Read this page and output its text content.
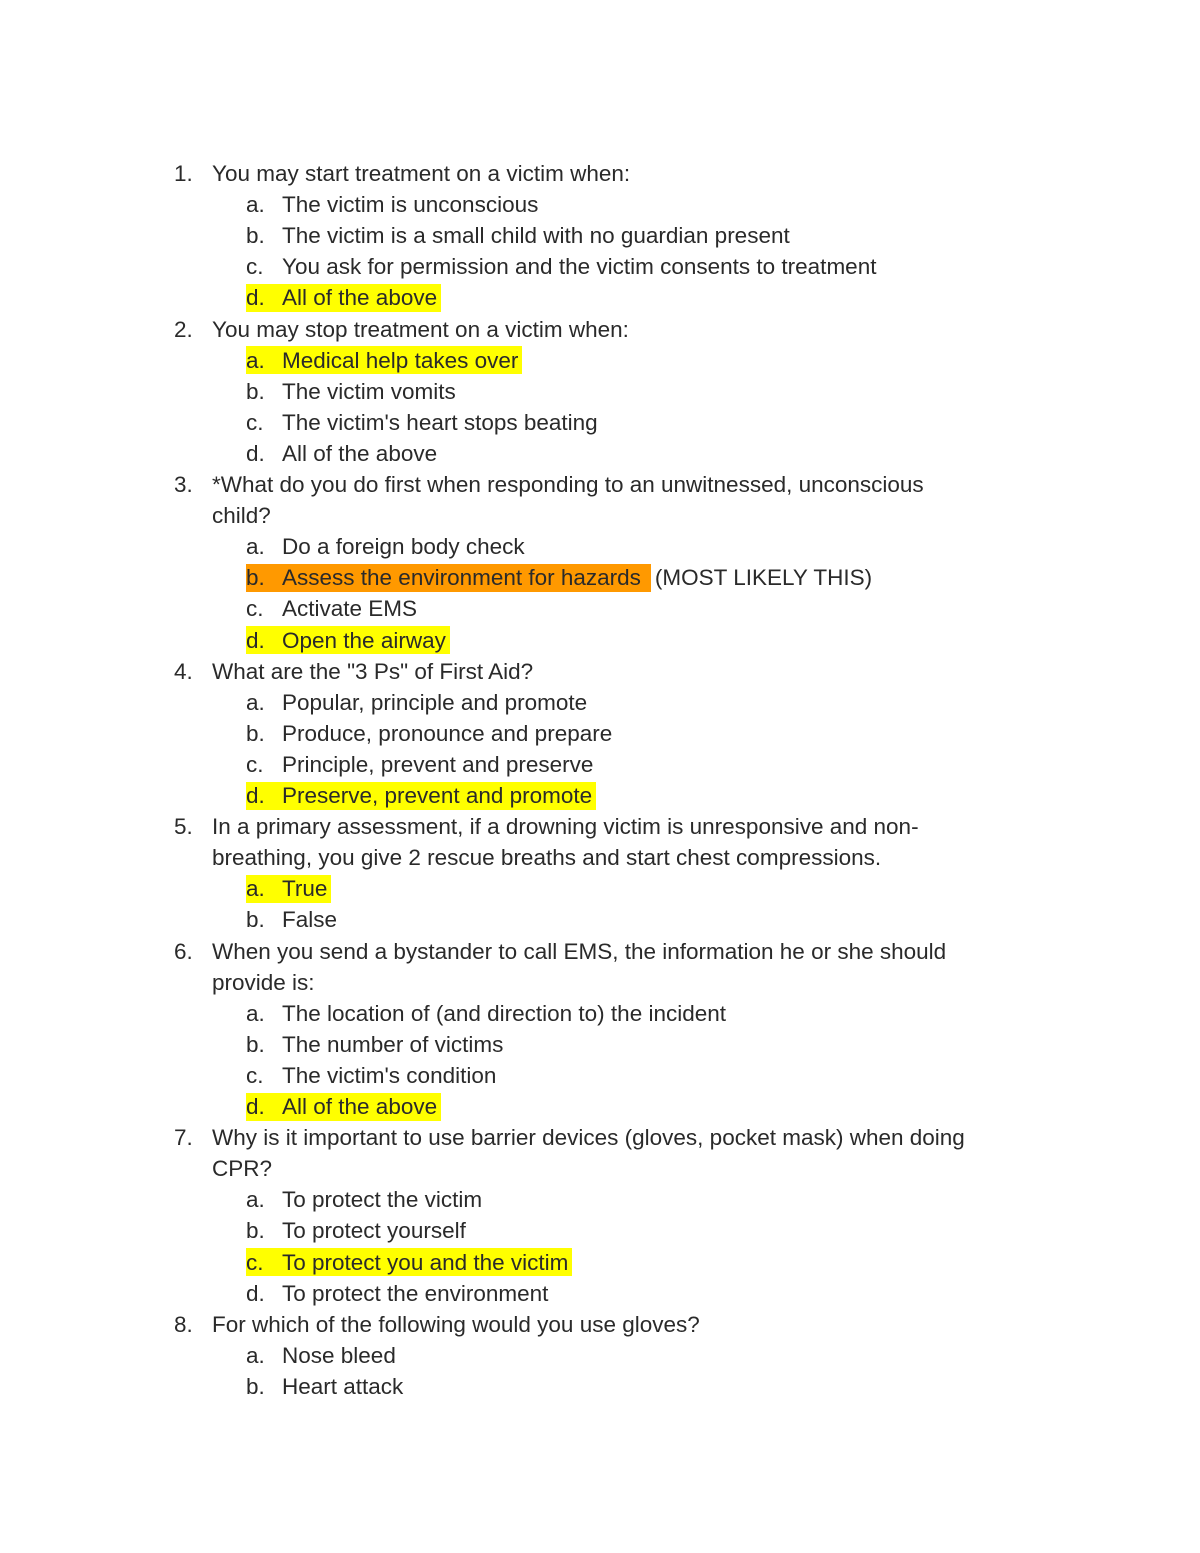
1. You may start treatment on a victim when:
a. The victim is unconscious
b. The victim is a small child with no guardian present
c. You ask for permission and the victim consents to treatment
d. All of the above
2. You may stop treatment on a victim when:
a. Medical help takes over
b. The victim vomits
c. The victim's heart stops beating
d. All of the above
3. *What do you do first when responding to an unwitnessed, unconscious
child?
a. Do a foreign body check
b. Assess the environment for hazards (MOST LIKELY THIS)
c. Activate EMS
d. Open the airway
4. What are the "3 Ps" of First Aid?
a. Popular, principle and promote
b. Produce, pronounce and prepare
c. Principle, prevent and preserve
d. Preserve, prevent and promote
5. In a primary assessment, if a drowning victim is unresponsive and non-
breathing, you give 2 rescue breaths and start chest compressions.
a. True
b. False
6. When you send a bystander to call EMS, the information he or she should
provide is:
a. The location of (and direction to) the incident
b. The number of victims
c. The victim's condition
d. All of the above
7. Why is it important to use barrier devices (gloves, pocket mask) when doing
CPR?
a. To protect the victim
b. To protect yourself
c. To protect you and the victim
d. To protect the environment
8. For which of the following would you use gloves?
a. Nose bleed
b. Heart attack
